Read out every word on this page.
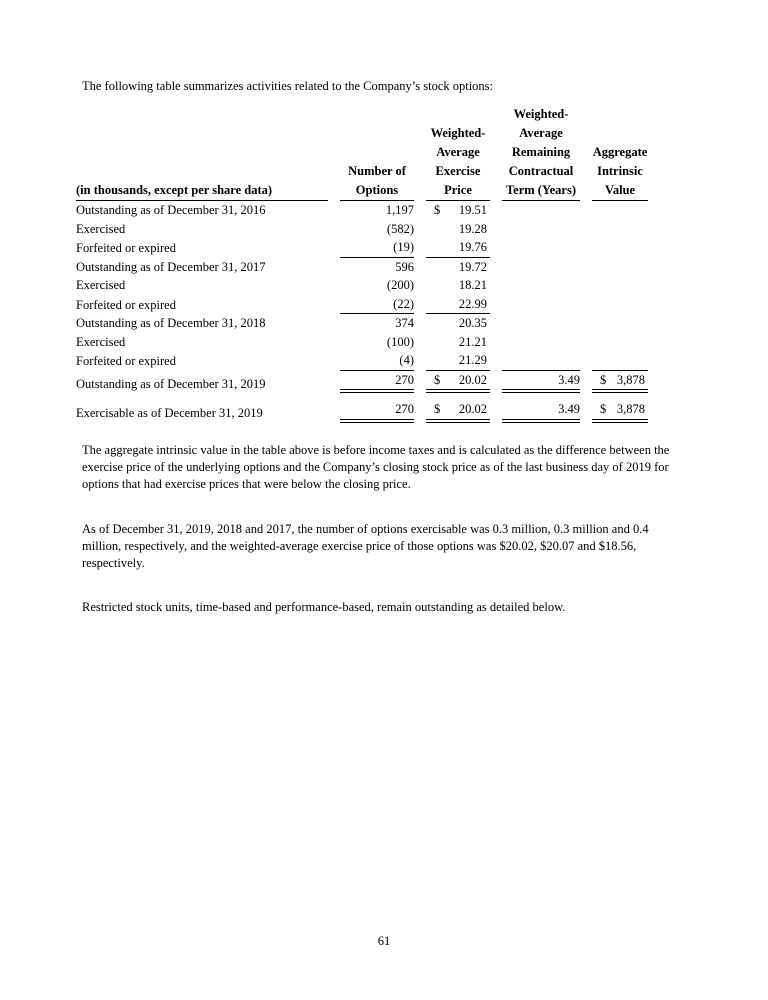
The following table summarizes activities related to the Company’s stock options:
(in thousands, except per share data)

Number of
Options

Weighted-
Average
Exercise
Price

Weighted-
Average
Remaining
Contractual
Term (Years)

Aggregate
Intrinsic
Value

Outstanding as of December 31, 2016	1,197	$ 19.51		

Exercised	(582)	19.28		

Forfeited or expired	(19)	19.76		

Outstanding as of December 31, 2017	596	19.72		

Exercised	(200)	18.21		

Forfeited or expired	(22)	22.99		

Outstanding as of December 31, 2018	374	20.35		

Exercised	(100)	21.21		

Forfeited or expired	(4)	21.29		

Outstanding as of December 31, 2019	270	$ 20.02	3.49	$ 3,878

Exercisable as of December 31, 2019	270	$ 20.02	3.49	$ 3,878
The aggregate intrinsic value in the table above is before income taxes and is calculated as the difference between the exercise price of the underlying options and the Company’s closing stock price as of the last business day of 2019 for options that had exercise prices that were below the closing price.
As of December 31, 2019, 2018 and 2017, the number of options exercisable was 0.3 million, 0.3 million and 0.4 million, respectively, and the weighted-average exercise price of those options was $20.02, $20.07 and $18.56, respectively.
Restricted stock units, time-based and performance-based, remain outstanding as detailed below.
61
